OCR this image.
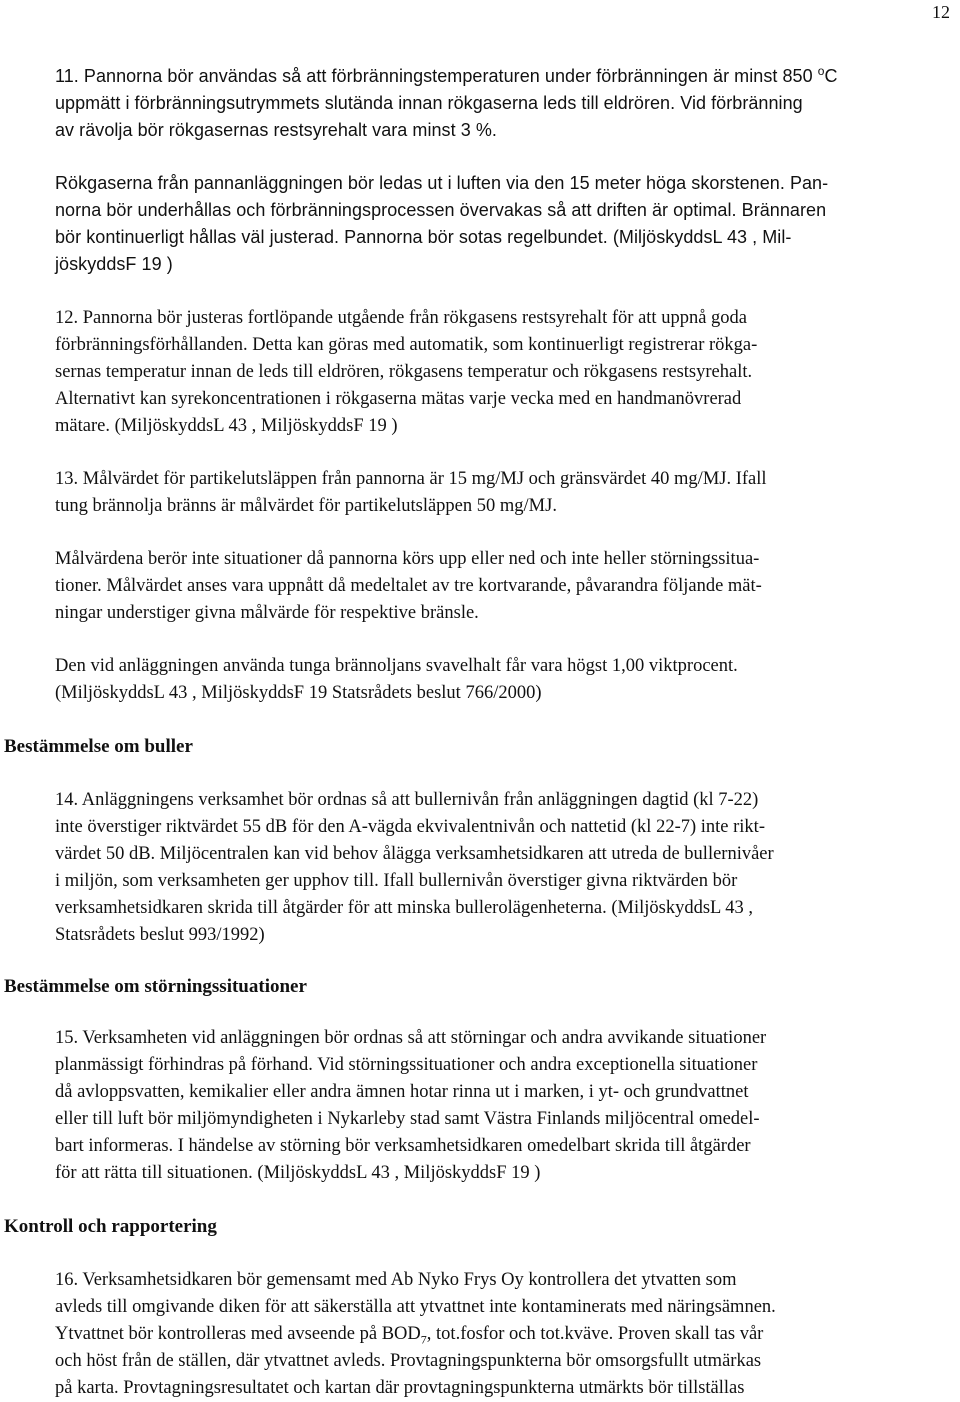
12
11. Pannorna bör användas så att förbränningstemperaturen under förbränningen är minst 850 $^o$C
uppmätt i förbränningsutrymmets slutända innan rökgaserna leds till eldrören. Vid förbränning
av rävolja bör rökgasernas restsyrehalt vara minst 3 %.
Rökgaserna från pannanläggningen bör ledas ut i luften via den 15 meter höga skorstenen. Pan-
norna bör underhållas och förbränningsprocessen övervakas så att driften är optimal. Brännaren
bör kontinuerligt hållas väl justerad. Pannorna bör sotas regelbundet. (MiljöskyddsL 43 , Mil-
jöskyddsF 19 )
12. Pannorna bör justeras fortlöpande utgående från rökgasens restsyrehalt för att uppnå goda
förbränningsförhållanden. Detta kan göras med automatik, som kontinuerligt registrerar rökga-
sernas temperatur innan de leds till eldrören, rökgasens temperatur och rökgasens restsyrehalt.
Alternativt kan syrekoncentrationen i rökgaserna mätas varje vecka med en handmanövrerad
mätare. (MiljöskyddsL 43 , MiljöskyddsF 19 )
13. Målvärdet för partikelutsläppen från pannorna är 15 mg/MJ och gränsvärdet 40 mg/MJ. Ifall
tung brännolja bränns är målvärdet för partikelutsläppen 50 mg/MJ.
Målvärdena berör inte situationer då pannorna körs upp eller ned och inte heller störningssitua-
tioner. Målvärdet anses vara uppnått då medeltalet av tre kortvarande, påvarandra följande mät-
ningar understiger givna målvärde för respektive bränsle.
Den vid anläggningen använda tunga brännoljans svavelhalt får vara högst 1,00 viktprocent.
(MiljöskyddsL 43 , MiljöskyddsF 19 Statsrådets beslut 766/2000)
Bestämmelse om buller
14. Anläggningens verksamhet bör ordnas så att bullernivån från anläggningen dagtid (kl 7-22)
inte överstiger riktvärdet 55 dB för den A-vägda ekvivalentnivån och nattetid (kl 22-7) inte rikt-
värdet 50 dB. Miljöcentralen kan vid behov ålägga verksamhetsidkaren att utreda de bullernivåer
i miljön, som verksamheten ger upphov till. Ifall bullernivån överstiger givna riktvärden bör
verksamhetsidkaren skrida till åtgärder för att minska bullerolägenheterna. (MiljöskyddsL 43 ,
Statsrådets beslut 993/1992)
Bestämmelse om störningssituationer
15. Verksamheten vid anläggningen bör ordnas så att störningar och andra avvikande situationer
planmässigt förhindras på förhand. Vid störningssituationer och andra exceptionella situationer
då avloppsvatten, kemikalier eller andra ämnen hotar rinna ut i marken, i yt- och grundvattnet
eller till luft bör miljömyndigheten i Nykarleby stad samt Västra Finlands miljöcentral omedel-
bart informeras. I händelse av störning bör verksamhetsidkaren omedelbart skrida till åtgärder
för att rätta till situationen. (MiljöskyddsL 43 , MiljöskyddsF 19 )
Kontroll och rapportering
16. Verksamhetsidkaren bör gemensamt med Ab Nyko Frys Oy kontrollera det ytvatten som
avleds till omgivande diken för att säkerställa att ytvattnet inte kontaminerats med näringsämnen.
Ytvattnet bör kontrolleras med avseende på $BOD_7$, tot.fosfor och tot.kväve. Proven skall tas vår
och höst från de ställen, där ytvattnet avleds. Provtagningspunkterna bör omsorgsfullt utmärkas
på karta. Provtagningsresultatet och kartan där provtagningspunkterna utmärkts bör tillställas
